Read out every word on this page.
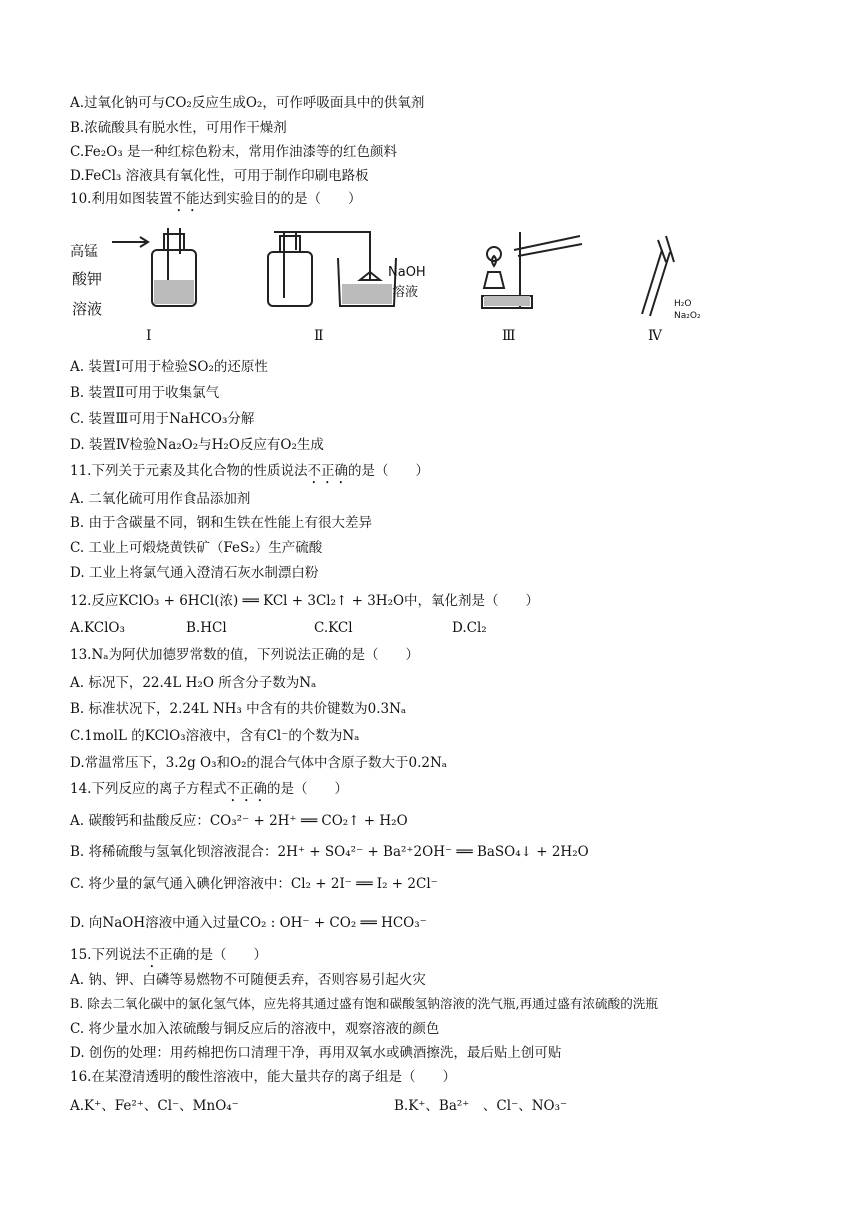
A.过氧化钠可与CO₂反应生成O₂，可作呼吸面具中的供氧剂
B.浓硫酸具有脱水性，可用作干燥剂
C.Fe₂O₃ 是一种红棕色粉末，常用作油漆等的红色颜料
D.FeCl₃ 溶液具有氧化性，可用于制作印刷电路板
10.利用如图装置不能达到实验目的的是（　　）
高锰
酸钾
溶液
NaOH
溶液
H₂O
Na₂O₂
Ⅰ	Ⅱ	Ⅲ	Ⅳ
A. 装置Ⅰ可用于检验SO₂的还原性
B. 装置Ⅱ可用于收集氯气
C. 装置Ⅲ可用于NaHCO₃分解
D. 装置Ⅳ检验Na₂O₂与H₂O反应有O₂生成
11.下列关于元素及其化合物的性质说法不正确的是（　　）
A. 二氧化硫可用作食品添加剂
B. 由于含碳量不同，钢和生铁在性能上有很大差异
C. 工业上可煅烧黄铁矿（FeS₂）生产硫酸
D. 工业上将氯气通入澄清石灰水制漂白粉
12.反应KClO₃ + 6HCl(浓) ══ KCl + 3Cl₂↑ + 3H₂O中，氧化剂是（　　）
A.KClO₃	B.HCl	C.KCl	D.Cl₂
13.Nₐ为阿伏加德罗常数的值，下列说法正确的是（　　）
A. 标况下，22.4L H₂O 所含分子数为Nₐ
B. 标准状况下，2.24L NH₃ 中含有的共价键数为0.3Nₐ
C.1molL 的KClO₃溶液中，含有Cl⁻的个数为Nₐ
D.常温常压下，3.2g O₃和O₂的混合气体中含原子数大于0.2Nₐ
14.下列反应的离子方程式不正确的是（　　）
A. 碳酸钙和盐酸反应：CO₃²⁻ + 2H⁺ ══ CO₂↑ + H₂O
B. 将稀硫酸与氢氧化钡溶液混合：2H⁺ + SO₄²⁻ + Ba²⁺2OH⁻ ══ BaSO₄↓ + 2H₂O
C. 将少量的氯气通入碘化钾溶液中：Cl₂ + 2I⁻ ══ I₂ + 2Cl⁻
D. 向NaOH溶液中通入过量CO₂ : OH⁻ + CO₂ ══ HCO₃⁻
15.下列说法不正确的是（　　）
A. 钠、钾、白磷等易燃物不可随便丢弃，否则容易引起火灾
B. 除去二氧化碳中的氯化氢气体，应先将其通过盛有饱和碳酸氢钠溶液的洗气瓶,再通过盛有浓硫酸的洗瓶
C. 将少量水加入浓硫酸与铜反应后的溶液中，观察溶液的颜色
D. 创伤的处理：用药棉把伤口清理干净，再用双氧水或碘酒擦洗，最后贴上创可贴
16.在某澄清透明的酸性溶液中，能大量共存的离子组是（　　）
A.K⁺、Fe²⁺、Cl⁻、MnO₄⁻	B.K⁺、Ba²⁺　、Cl⁻、NO₃⁻
